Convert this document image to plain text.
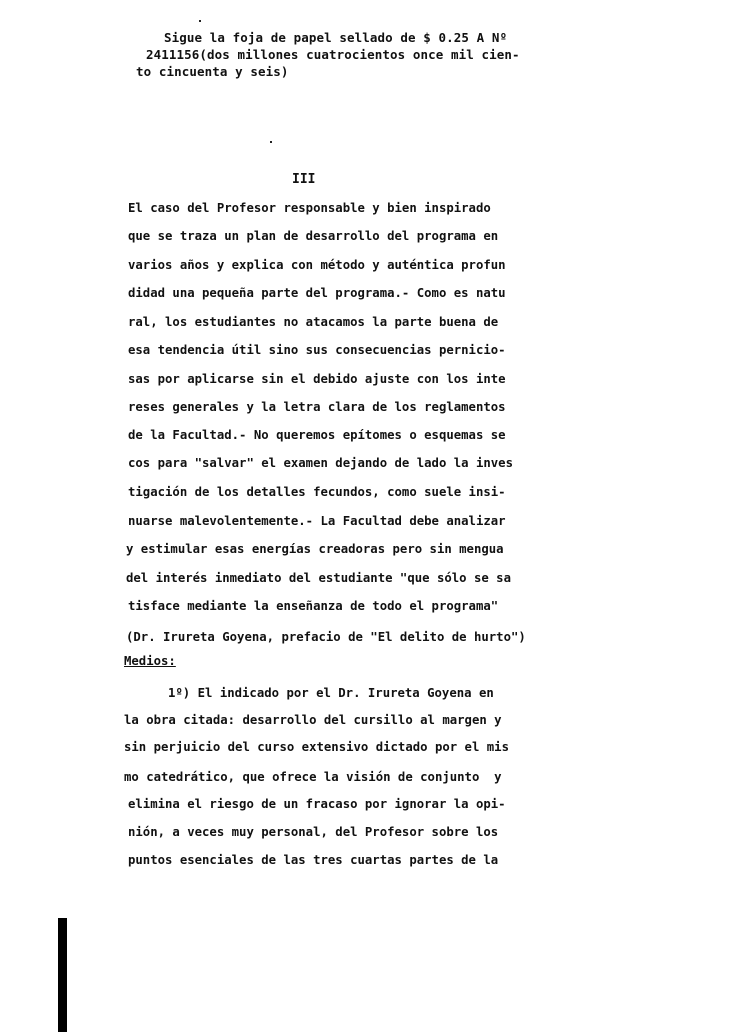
Sigue la foja de papel sellado de $ 0.25 A Nº
2411156(dos millones cuatrocientos once mil cien-
to cincuenta y seis)
III
El caso del Profesor responsable y bien inspirado
que se traza un plan de desarrollo del programa en
varios años y explica con método y auténtica profun
didad una pequeña parte del programa.- Como es natu
ral, los estudiantes no atacamos la parte buena de
esa tendencia útil sino sus consecuencias pernicio-
sas por aplicarse sin el debido ajuste con los inte
reses generales y la letra clara de los reglamentos
de la Facultad.- No queremos epítomes o esquemas se
cos para "salvar" el examen dejando de lado la inves
tigación de los detalles fecundos, como suele insi-
nuarse malevolentemente.- La Facultad debe analizar
y estimular esas energías creadoras pero sin mengua
del interés inmediato del estudiante "que sólo se sa
tisface mediante la enseñanza de todo el programa"
(Dr. Irureta Goyena, prefacio de "El delito de hurto")
Medios:
1º) El indicado por el Dr. Irureta Goyena en
la obra citada: desarrollo del cursillo al margen y
sin perjuicio del curso extensivo dictado por el mis
mo catedrático, que ofrece la visión de conjunto  y
elimina el riesgo de un fracaso por ignorar la opi-
nión, a veces muy personal, del Profesor sobre los
puntos esenciales de las tres cuartas partes de la
